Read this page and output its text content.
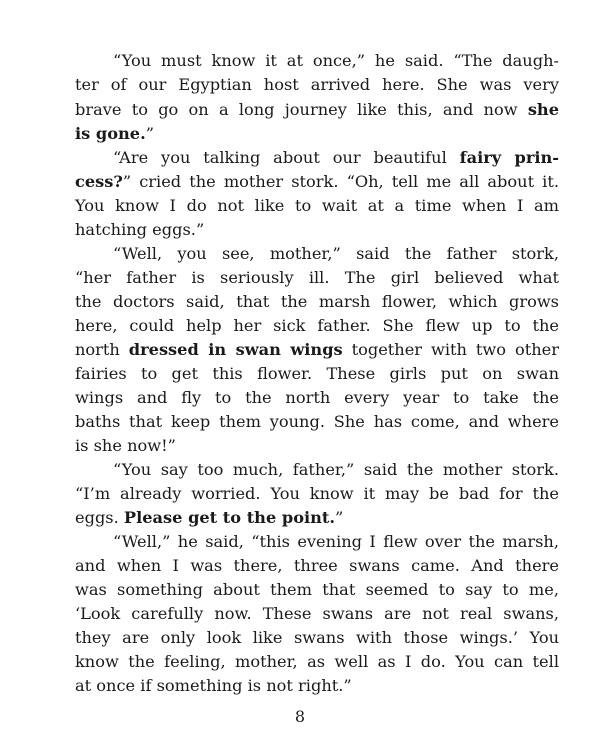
“You must know it at once,” he said. “The daugh-
ter of our Egyptian host arrived here. She was very
brave to go on a long journey like this, and now she
is gone.”
“Are you talking about our beautiful fairy prin-
cess?” cried the mother stork. “Oh, tell me all about it.
You know I do not like to wait at a time when I am
hatching eggs.”
“Well, you see, mother,” said the father stork,
“her father is seriously ill. The girl believed what
the doctors said, that the marsh flower, which grows
here, could help her sick father. She flew up to the
north dressed in swan wings together with two other
fairies to get this flower. These girls put on swan
wings and fly to the north every year to take the
baths that keep them young. She has come, and where
is she now!”
“You say too much, father,” said the mother stork.
“I’m already worried. You know it may be bad for the
eggs. Please get to the point.”
“Well,” he said, “this evening I flew over the marsh,
and when I was there, three swans came. And there
was something about them that seemed to say to me,
‘Look carefully now. These swans are not real swans,
they are only look like swans with those wings.’ You
know the feeling, mother, as well as I do. You can tell
at once if something is not right.”
8
